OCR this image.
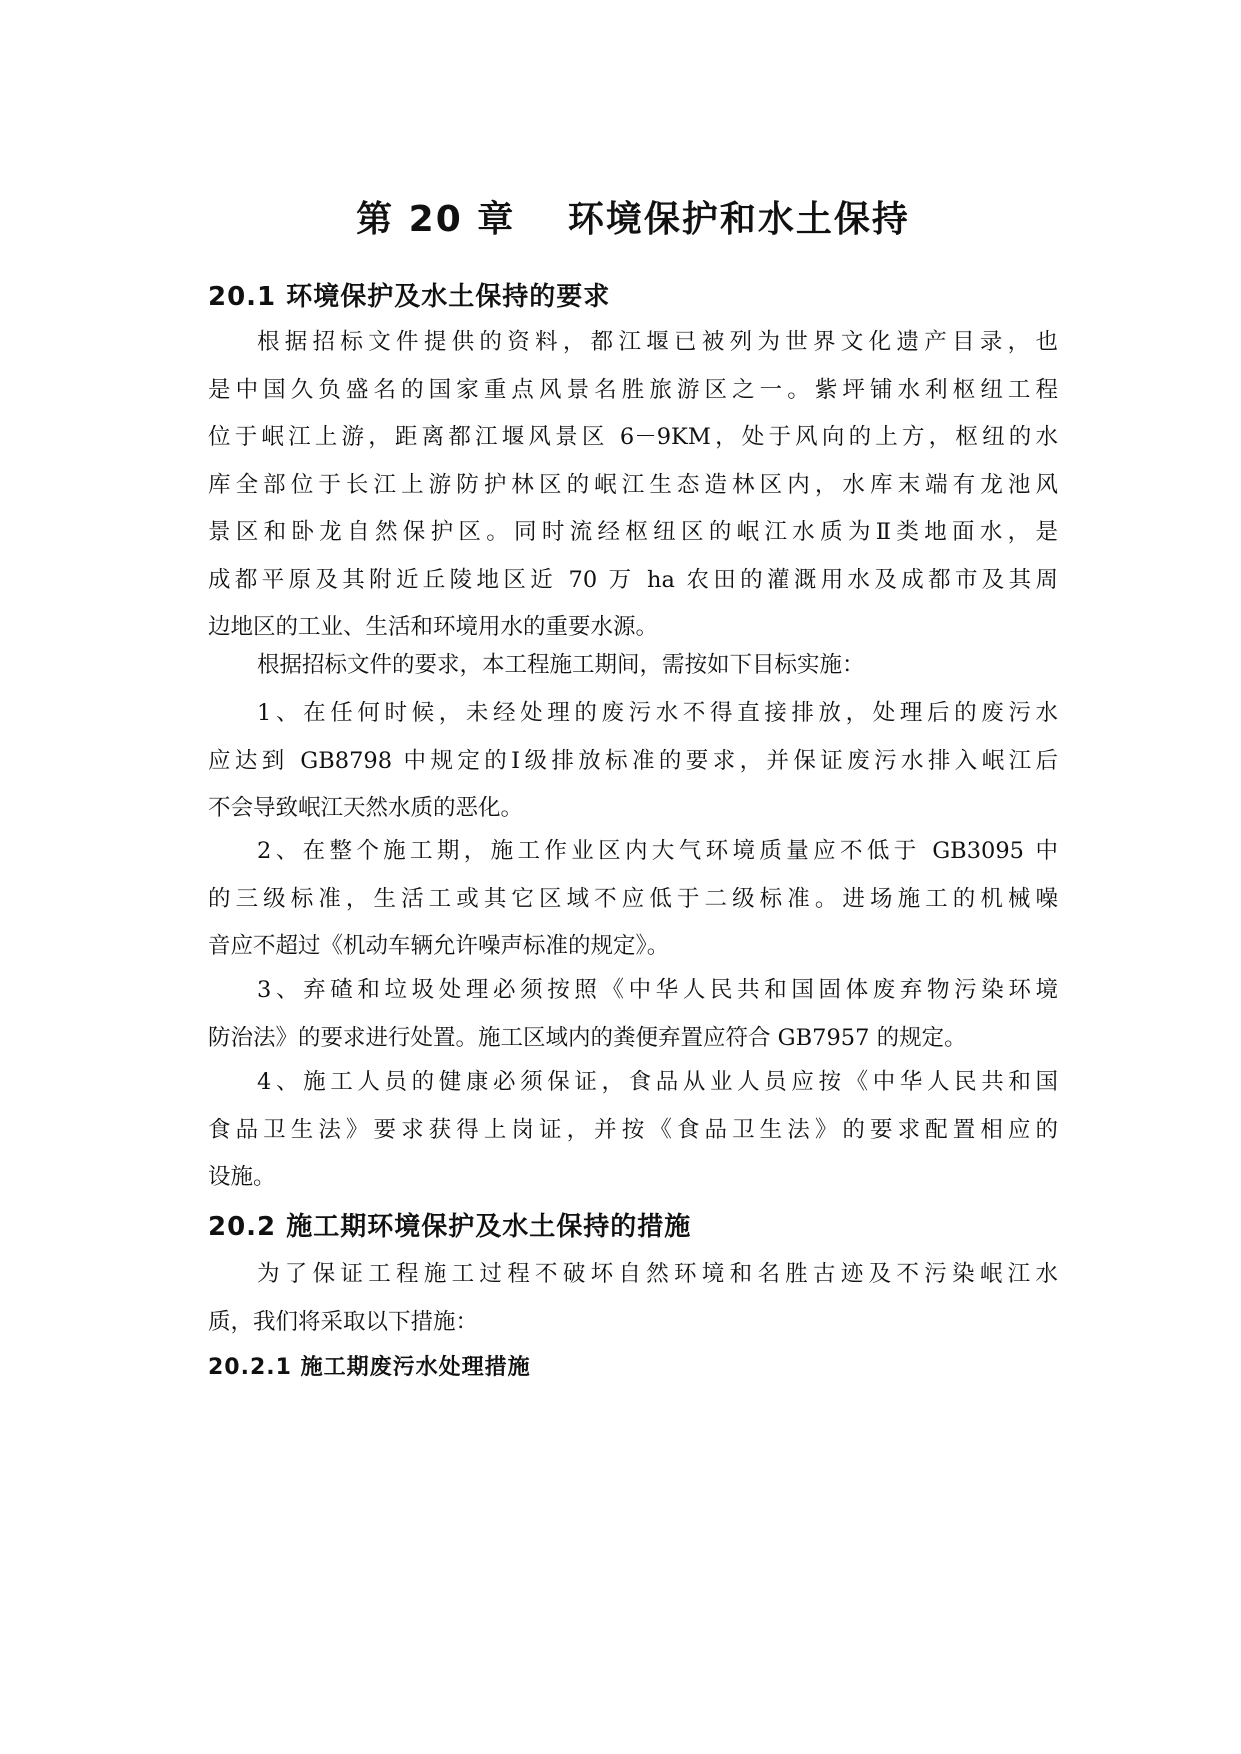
第 20 章　 环境保护和水土保持
20.1 环境保护及水土保持的要求
根据招标文件提供的资料，都江堰已被列为世界文化遗产目录，也
是中国久负盛名的国家重点风景名胜旅游区之一。紫坪铺水利枢纽工程
位于岷江上游，距离都江堰风景区 6－9KM，处于风向的上方，枢纽的水
库全部位于长江上游防护林区的岷江生态造林区内，水库末端有龙池风
景区和卧龙自然保护区。同时流经枢纽区的岷江水质为Ⅱ类地面水，是
成都平原及其附近丘陵地区近 70 万 ha 农田的灌溉用水及成都市及其周
边地区的工业、生活和环境用水的重要水源。
根据招标文件的要求，本工程施工期间，需按如下目标实施：
1、在任何时候，未经处理的废污水不得直接排放，处理后的废污水
应达到 GB8798 中规定的Ⅰ级排放标准的要求，并保证废污水排入岷江后
不会导致岷江天然水质的恶化。
2、在整个施工期，施工作业区内大气环境质量应不低于 GB3095 中
的三级标准，生活工或其它区域不应低于二级标准。进场施工的机械噪
音应不超过《机动车辆允许噪声标准的规定》。
3、弃碴和垃圾处理必须按照《中华人民共和国固体废弃物污染环境
防治法》的要求进行处置。施工区域内的粪便弃置应符合 GB7957 的规定。
4、施工人员的健康必须保证，食品从业人员应按《中华人民共和国
食品卫生法》要求获得上岗证，并按《食品卫生法》的要求配置相应的
设施。
20.2 施工期环境保护及水土保持的措施
为了保证工程施工过程不破坏自然环境和名胜古迹及不污染岷江水
质，我们将采取以下措施：
20.2.1 施工期废污水处理措施
